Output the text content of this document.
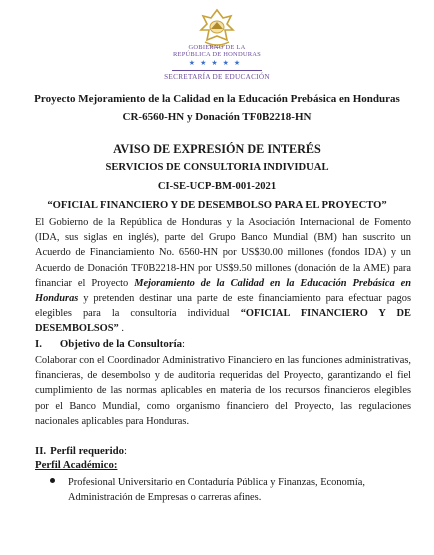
GOBIERNO DE LA
REPÚBLICA DE HONDURAS
★★★★★
SECRETARÍA DE EDUCACIÓN
Proyecto Mejoramiento de la Calidad en la Educación Prebásica en Honduras
CR-6560-HN y Donación TF0B2218-HN
AVISO DE EXPRESIÓN DE INTERÉS
SERVICIOS DE CONSULTORIA INDIVIDUAL
CI-SE-UCP-BM-001-2021
“OFICIAL FINANCIERO Y DE DESEMBOLSO PARA EL PROYECTO”
El Gobierno de la República de Honduras y la Asociación Internacional de Fomento (IDA, sus siglas en inglés), parte del Grupo Banco Mundial (BM) han suscrito un Acuerdo de Financiamiento No. 6560-HN por US$30.00 millones (fondos IDA) y un Acuerdo de Donación TF0B2218-HN por US$9.50 millones (donación de la AME) para financiar el Proyecto Mejoramiento de la Calidad en la Educación Prebásica en Honduras y pretenden destinar una parte de este financiamiento para efectuar pagos elegibles para la consultoría individual “OFICIAL FINANCIERO Y DE DESEMBOLSOS” .
I. Objetivo de la Consultoría:
Colaborar con el Coordinador Administrativo Financiero en las funciones administrativas, financieras, de desembolso y de auditoria requeridas del Proyecto, garantizando el fiel cumplimiento de las normas aplicables en materia de los recursos financieros elegibles por el Banco Mundial, como organismo financiero del Proyecto, las regulaciones nacionales aplicables para Honduras.
II. Perfil requerido:
Perfil Académico:
Profesional Universitario en Contaduría Pública y Finanzas, Economía, Administración de Empresas o carreras afines.
